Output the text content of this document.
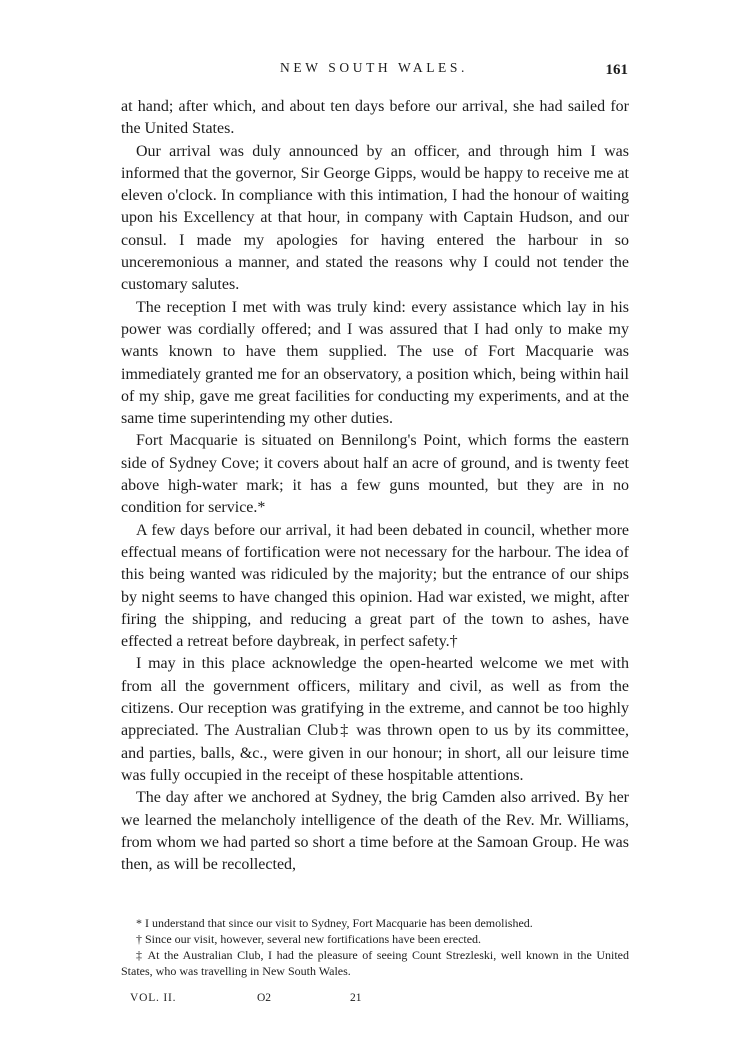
NEW SOUTH WALES.	161

at hand; after which, and about ten days before our arrival, she had sailed for the United States.

Our arrival was duly announced by an officer, and through him I was informed that the governor, Sir George Gipps, would be happy to receive me at eleven o'clock. In compliance with this intimation, I had the honour of waiting upon his Excellency at that hour, in company with Captain Hudson, and our consul. I made my apologies for having entered the harbour in so unceremonious a manner, and stated the reasons why I could not tender the customary salutes.

The reception I met with was truly kind: every assistance which lay in his power was cordially offered; and I was assured that I had only to make my wants known to have them supplied. The use of Fort Macquarie was immediately granted me for an observatory, a position which, being within hail of my ship, gave me great facilities for conducting my experiments, and at the same time superintending my other duties.

Fort Macquarie is situated on Bennilong's Point, which forms the eastern side of Sydney Cove; it covers about half an acre of ground, and is twenty feet above high-water mark; it has a few guns mounted, but they are in no condition for service.*

A few days before our arrival, it had been debated in council, whether more effectual means of fortification were not necessary for the harbour. The idea of this being wanted was ridiculed by the majority; but the entrance of our ships by night seems to have changed this opinion. Had war existed, we might, after firing the shipping, and reducing a great part of the town to ashes, have effected a retreat before daybreak, in perfect safety.†

I may in this place acknowledge the open-hearted welcome we met with from all the government officers, military and civil, as well as from the citizens. Our reception was gratifying in the extreme, and cannot be too highly appreciated. The Australian Club‡ was thrown open to us by its committee, and parties, balls, &c., were given in our honour; in short, all our leisure time was fully occupied in the receipt of these hospitable attentions.

The day after we anchored at Sydney, the brig Camden also arrived. By her we learned the melancholy intelligence of the death of the Rev. Mr. Williams, from whom we had parted so short a time before at the Samoan Group. He was then, as will be recollected,

* I understand that since our visit to Sydney, Fort Macquarie has been demolished.

† Since our visit, however, several new fortifications have been erected.

‡ At the Australian Club, I had the pleasure of seeing Count Strezleski, well known in the United States, who was travelling in New South Wales.

VOL. II.	O2	21
